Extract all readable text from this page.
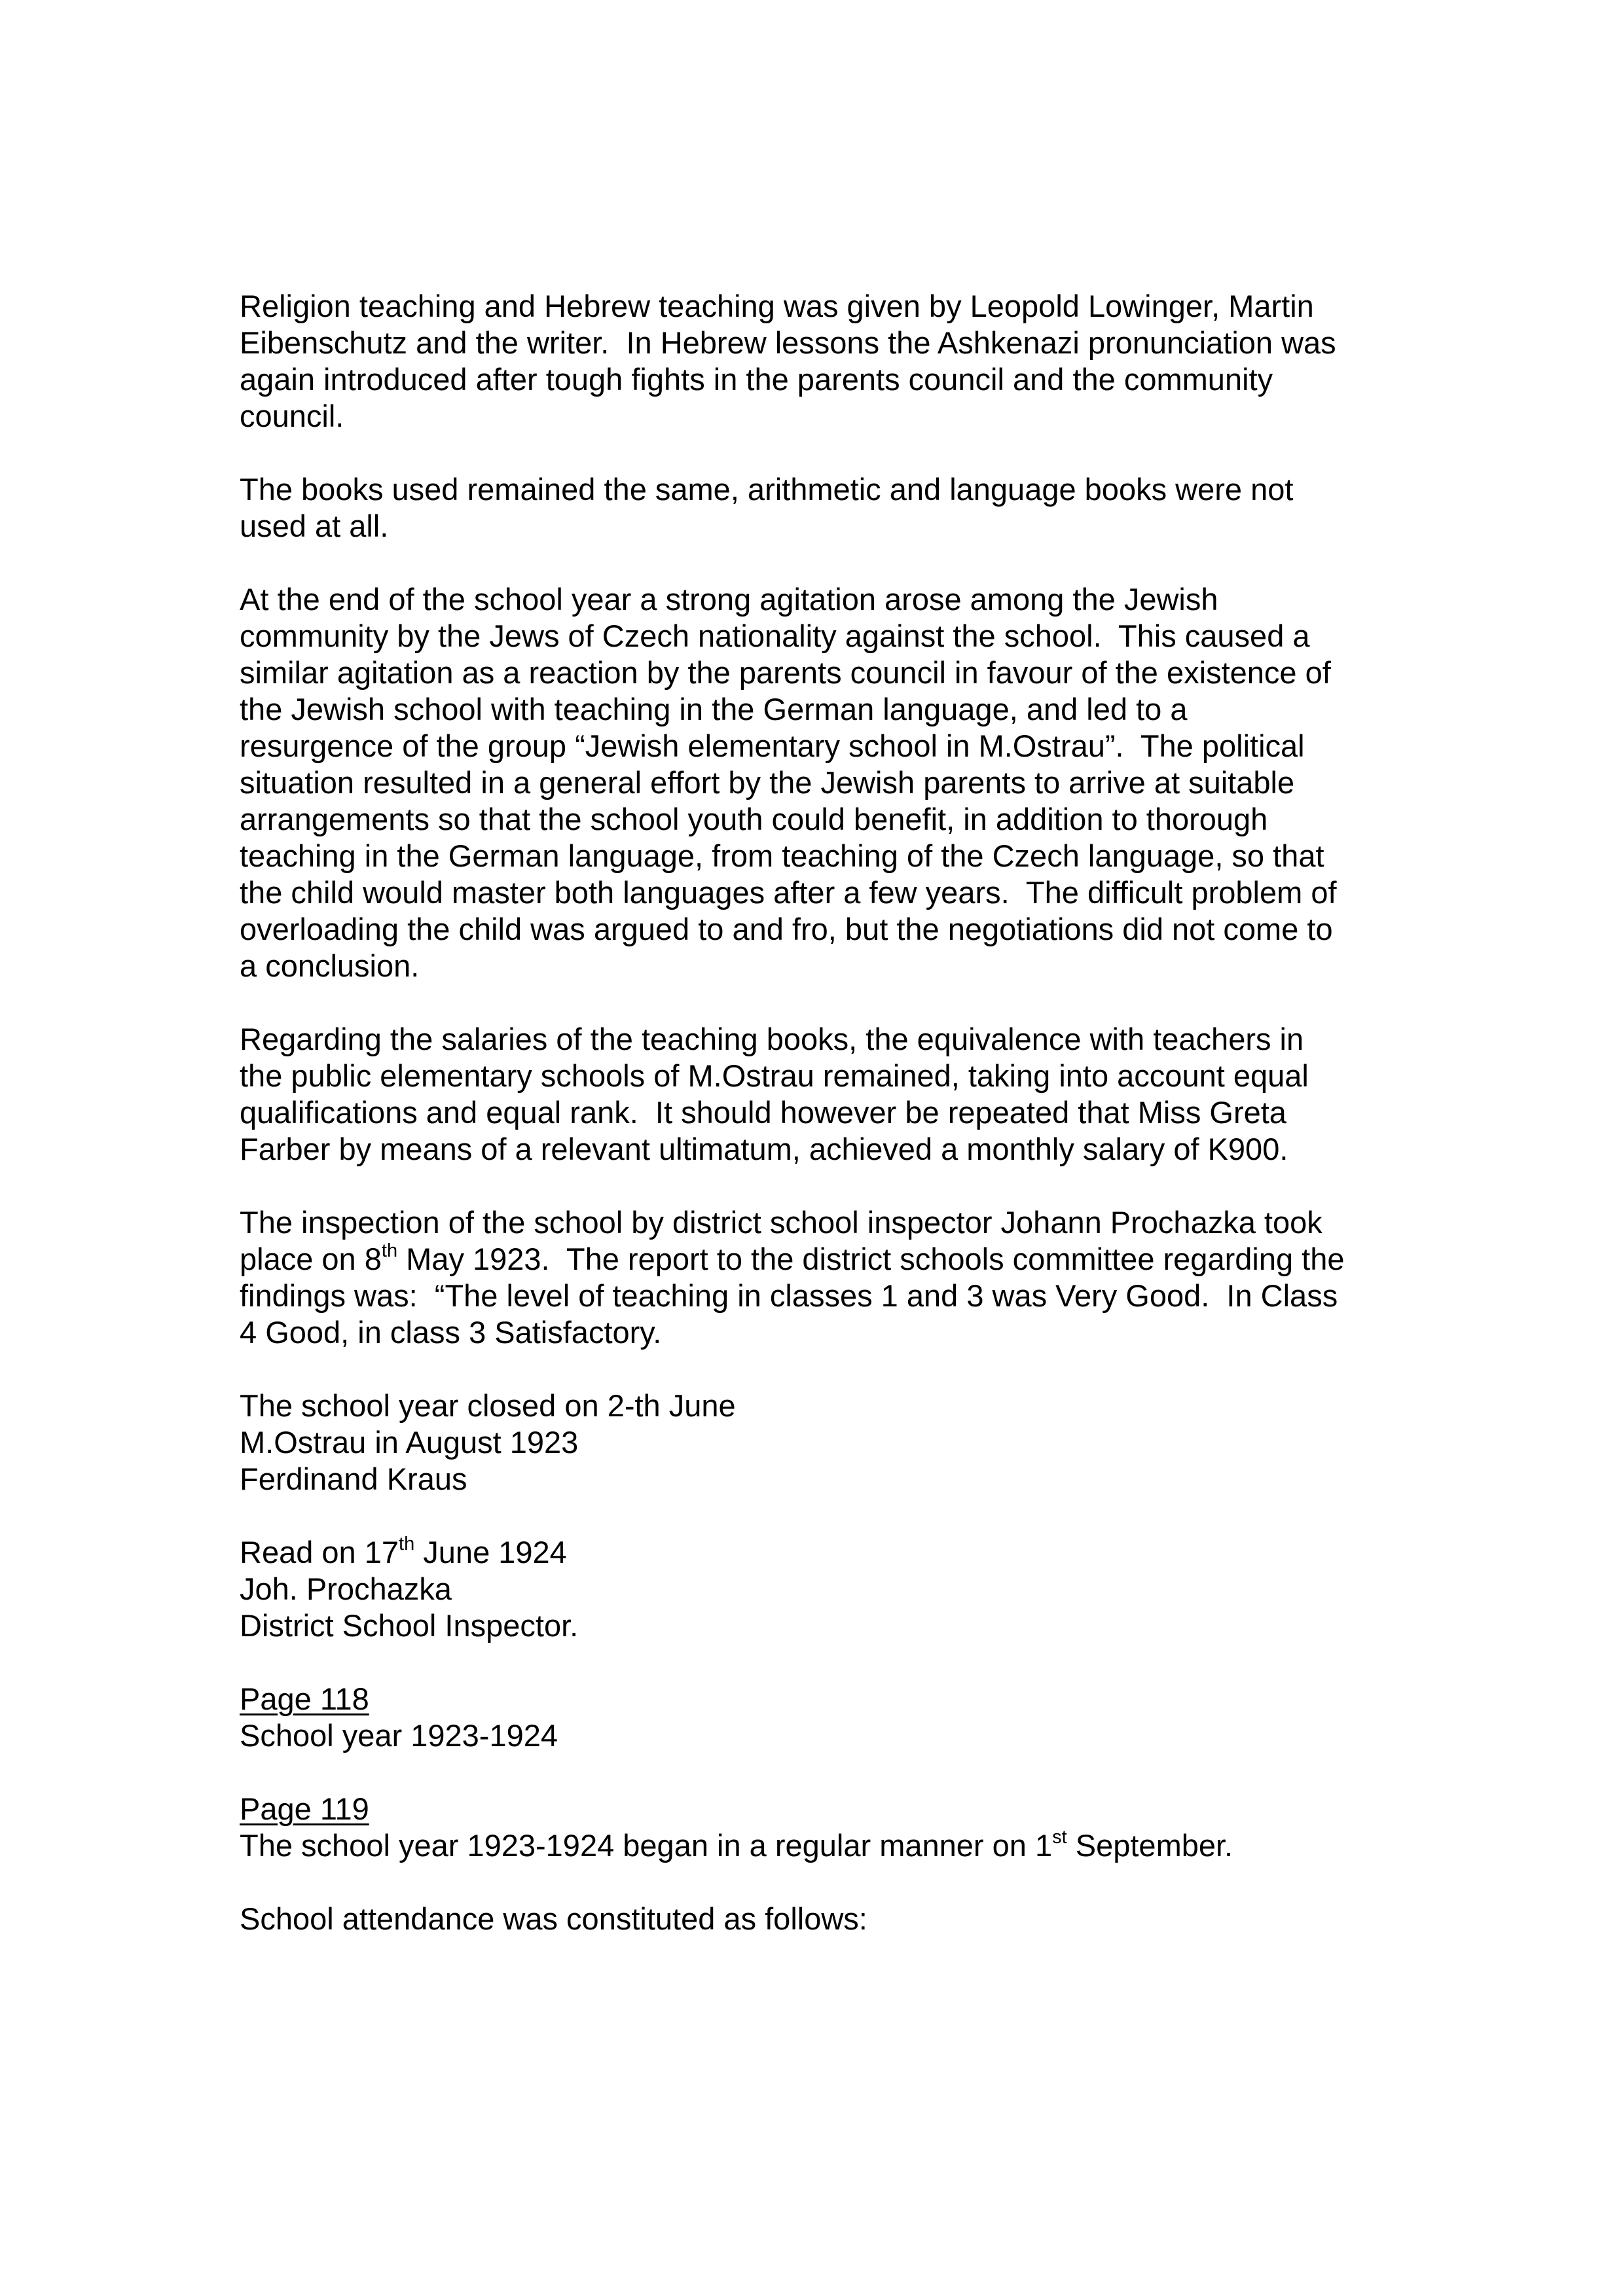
Religion teaching and Hebrew teaching was given by Leopold Lowinger, Martin
Eibenschutz and the writer.  In Hebrew lessons the Ashkenazi pronunciation was
again introduced after tough fights in the parents council and the community
council.
The books used remained the same, arithmetic and language books were not
used at all.
At the end of the school year a strong agitation arose among the Jewish
community by the Jews of Czech nationality against the school.  This caused a
similar agitation as a reaction by the parents council in favour of the existence of
the Jewish school with teaching in the German language, and led to a
resurgence of the group “Jewish elementary school in M.Ostrau”.  The political
situation resulted in a general effort by the Jewish parents to arrive at suitable
arrangements so that the school youth could benefit, in addition to thorough
teaching in the German language, from teaching of the Czech language, so that
the child would master both languages after a few years.  The difficult problem of
overloading the child was argued to and fro, but the negotiations did not come to
a conclusion.
Regarding the salaries of the teaching books, the equivalence with teachers in
the public elementary schools of M.Ostrau remained, taking into account equal
qualifications and equal rank.  It should however be repeated that Miss Greta
Farber by means of a relevant ultimatum, achieved a monthly salary of K900.
The inspection of the school by district school inspector Johann Prochazka took
place on 8th May 1923.  The report to the district schools committee regarding the
findings was:  “The level of teaching in classes 1 and 3 was Very Good.  In Class
4 Good, in class 3 Satisfactory.
The school year closed on 2-th June
M.Ostrau in August 1923
Ferdinand Kraus
Read on 17th June 1924
Joh. Prochazka
District School Inspector.
Page 118
School year 1923-1924
Page 119
The school year 1923-1924 began in a regular manner on 1st September.
School attendance was constituted as follows:
